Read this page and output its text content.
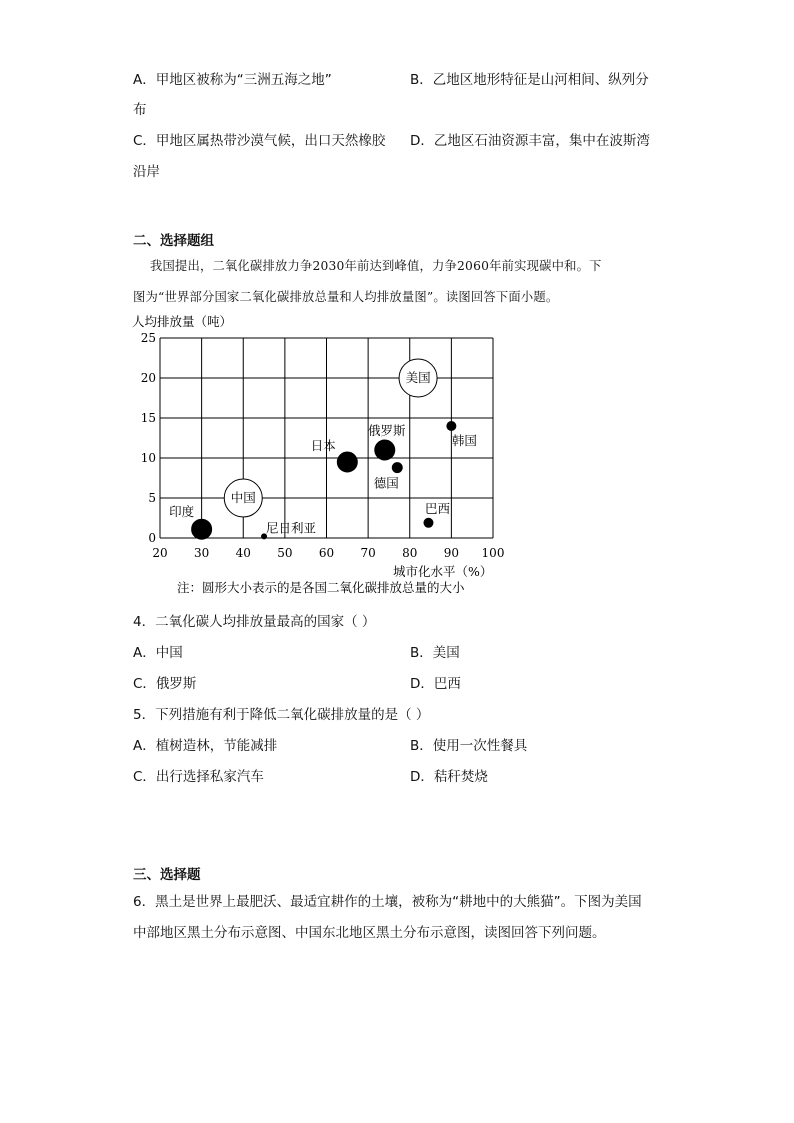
A．甲地区被称为“三洲五海之地”	B．乙地区地形特征是山河相间、纵列分
布
C．甲地区属热带沙漠气候，出口天然橡胶 D．乙地区石油资源丰富，集中在波斯湾
沿岸
二、选择题组
我国提出，二氧化碳排放力争2030年前达到峰值，力争2060年前实现碳中和。下
图为“世界部分国家二氧化碳排放总量和人均排放量图”。读图回答下面小题。
人均排放量（吨）
0
5
10
15
20
25
20 30 40 50 60 70 80 90 100
美国
中国
日本
俄罗斯
德国
韩国
印度
尼日利亚
巴西
城市化水平（%）
注：圆形大小表示的是各国二氧化碳排放总量的大小
4．二氧化碳人均排放量最高的国家（ ）
A．中国	B．美国
C．俄罗斯	D．巴西
5．下列措施有利于降低二氧化碳排放量的是（ ）
A．植树造林，节能减排	B．使用一次性餐具
C．出行选择私家汽车	D．秸秆焚烧
三、选择题
6．黑土是世界上最肥沃、最适宜耕作的土壤，被称为“耕地中的大熊猫”。下图为美国
中部地区黑土分布示意图、中国东北地区黑土分布示意图，读图回答下列问题。
